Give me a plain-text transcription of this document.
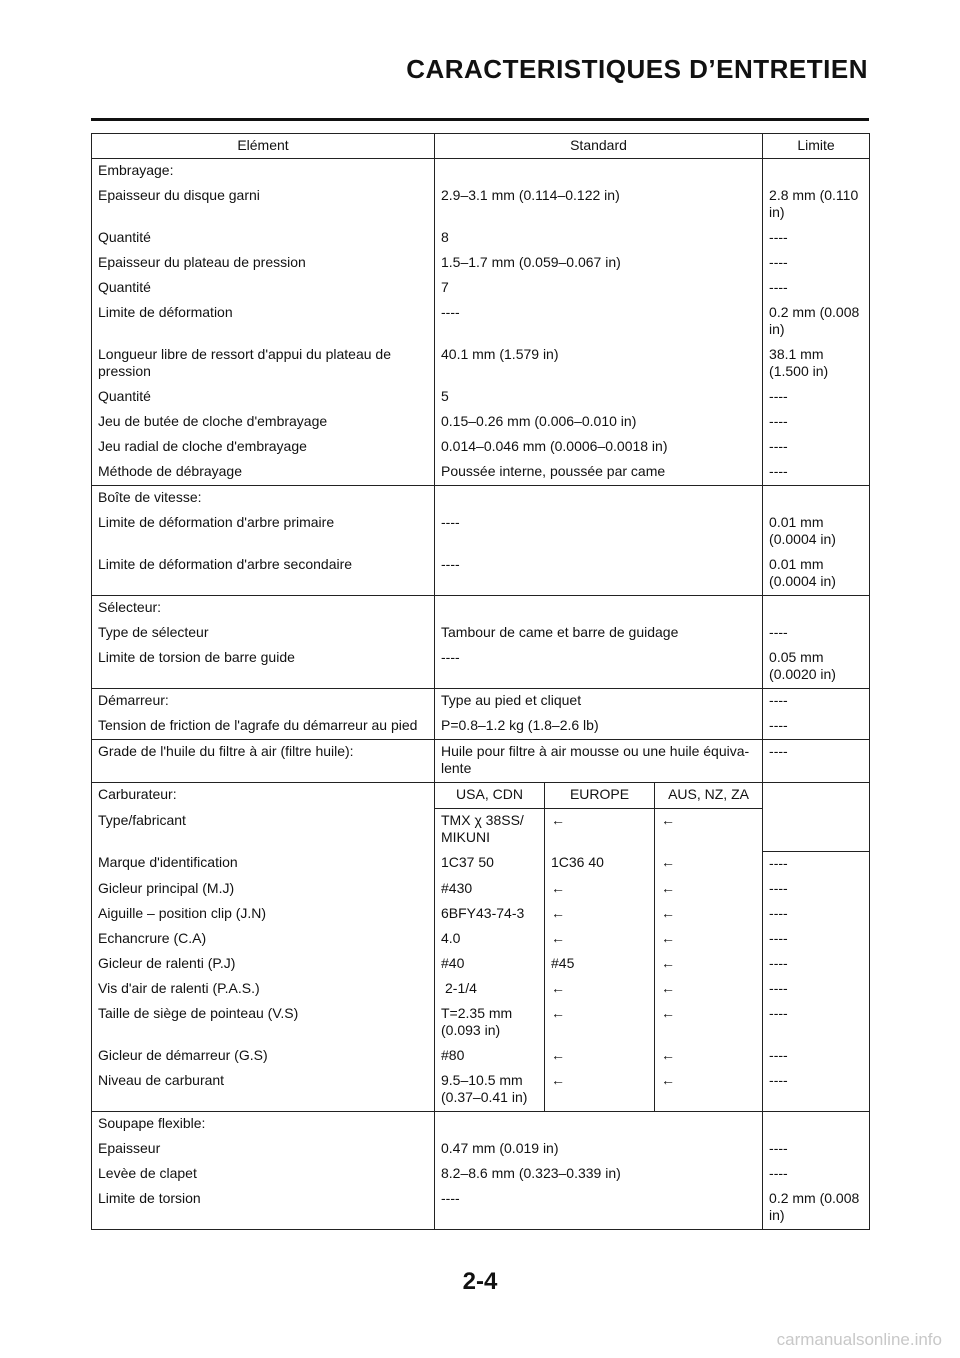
CARACTERISTIQUES D’ENTRETIEN
Elément	Standard			Limite
Embrayage:				
Epaisseur du disque garni	2.9–3.1 mm (0.114–0.122 in)			2.8 mm (0.110 in)
Quantité	8			----
Epaisseur du plateau de pression	1.5–1.7 mm (0.059–0.067 in)			----
Quantité	7			----
Limite de déformation	----			0.2 mm (0.008 in)
Longueur libre de ressort d'appui du plateau de pression	40.1 mm (1.579 in)			38.1 mm (1.500 in)
Quantité	5			----
Jeu de butée de cloche d'embrayage	0.15–0.26 mm (0.006–0.010 in)			----
Jeu radial de cloche d'embrayage	0.014–0.046 mm (0.0006–0.0018 in)			----
Méthode de débrayage	Poussée interne, poussée par came			----
Boîte de vitesse:				
Limite de déformation d'arbre primaire	----			0.01 mm (0.0004 in)
Limite de déformation d'arbre secondaire	----			0.01 mm (0.0004 in)
Sélecteur:				
Type de sélecteur	Tambour de came et barre de guidage			----
Limite de torsion de barre guide	----			0.05 mm (0.0020 in)
Démarreur:	Type au pied et cliquet			----
Tension de friction de l'agrafe du démarreur au pied	P=0.8–1.2 kg (1.8–2.6 lb)			----
Grade de l'huile du filtre à air (filtre huile):	Huile pour filtre à air mousse ou une huile équiva-lente			----
Carburateur:	USA, CDN	EUROPE	AUS, NZ, ZA	
Type/fabricant	TMX χ 38SS/ MIKUNI	←	←	
Marque d'identification	1C37 50	1C36 40	←	----
Gicleur principal (M.J)	#430	←	←	----
Aiguille – position clip (J.N)	6BFY43-74-3	←	←	----
Echancrure (C.A)	4.0	←	←	----
Gicleur de ralenti (P.J)	#40	#45	←	----
Vis d'air de ralenti (P.A.S.)	2-1/4	←	←	----
Taille de siège de pointeau (V.S)	T=2.35 mm (0.093 in)	←	←	----
Gicleur de démarreur (G.S)	#80	←	←	----
Niveau de carburant	9.5–10.5 mm (0.37–0.41 in)	←	←	----
Soupape flexible:				
Epaisseur	0.47 mm (0.019 in)			----
Levèe de clapet	8.2–8.6 mm (0.323–0.339 in)			----
Limite de torsion	----			0.2 mm (0.008 in)
2-4
carmanualsonline.info
